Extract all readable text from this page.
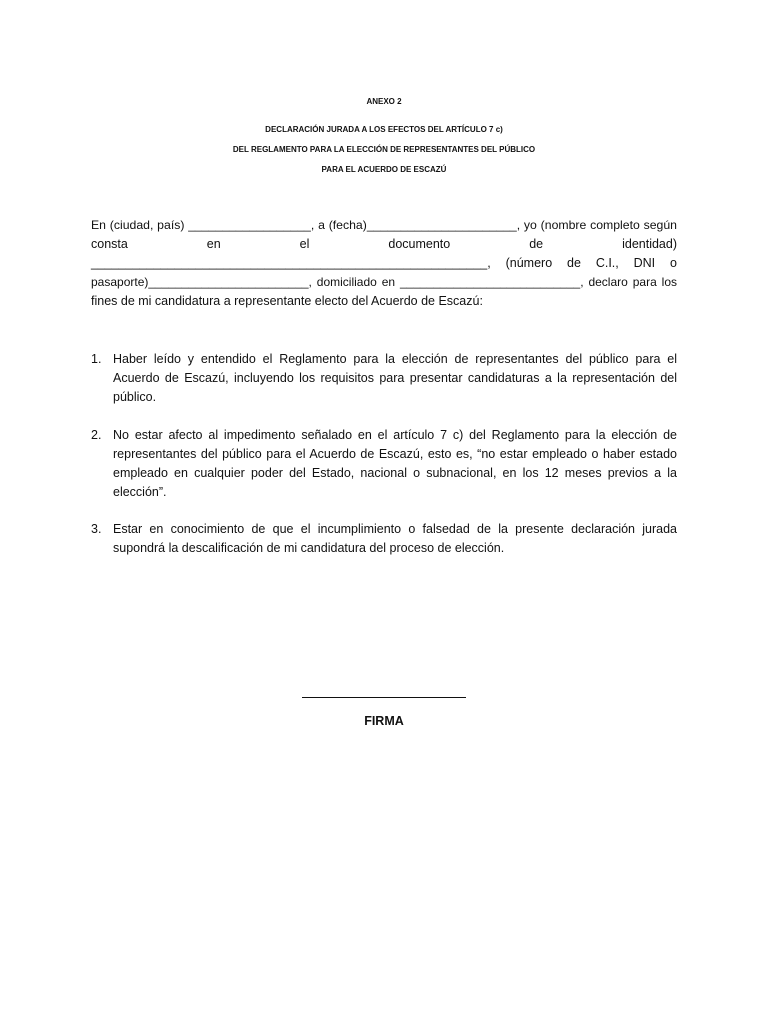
ANEXO 2
DECLARACIÓN JURADA A LOS EFECTOS DEL ARTÍCULO 7 c)
DEL REGLAMENTO PARA LA ELECCIÓN DE REPRESENTANTES DEL PÚBLICO
PARA EL ACUERDO DE ESCAZÚ
En (ciudad, país) __________________, a (fecha)______________________, yo (nombre completo según
consta en el documento de identidad)
_________________________________________________________, (número de C.I., DNI o
pasaporte)________________________, domiciliado en ___________________________, declaro para los
fines de mi candidatura a representante electo del Acuerdo de Escazú:
1. Haber leído y entendido el Reglamento para la elección de representantes del público para el
Acuerdo de Escazú, incluyendo los requisitos para presentar candidaturas a la representación del
público.
2. No estar afecto al impedimento señalado en el artículo 7 c) del Reglamento para la elección de
representantes del público para el Acuerdo de Escazú, esto es, “no estar empleado o haber estado
empleado en cualquier poder del Estado, nacional o subnacional, en los 12 meses previos a la
elección”.
3. Estar en conocimiento de que el incumplimiento o falsedad de la presente declaración jurada
supondrá la descalificación de mi candidatura del proceso de elección.
FIRMA
